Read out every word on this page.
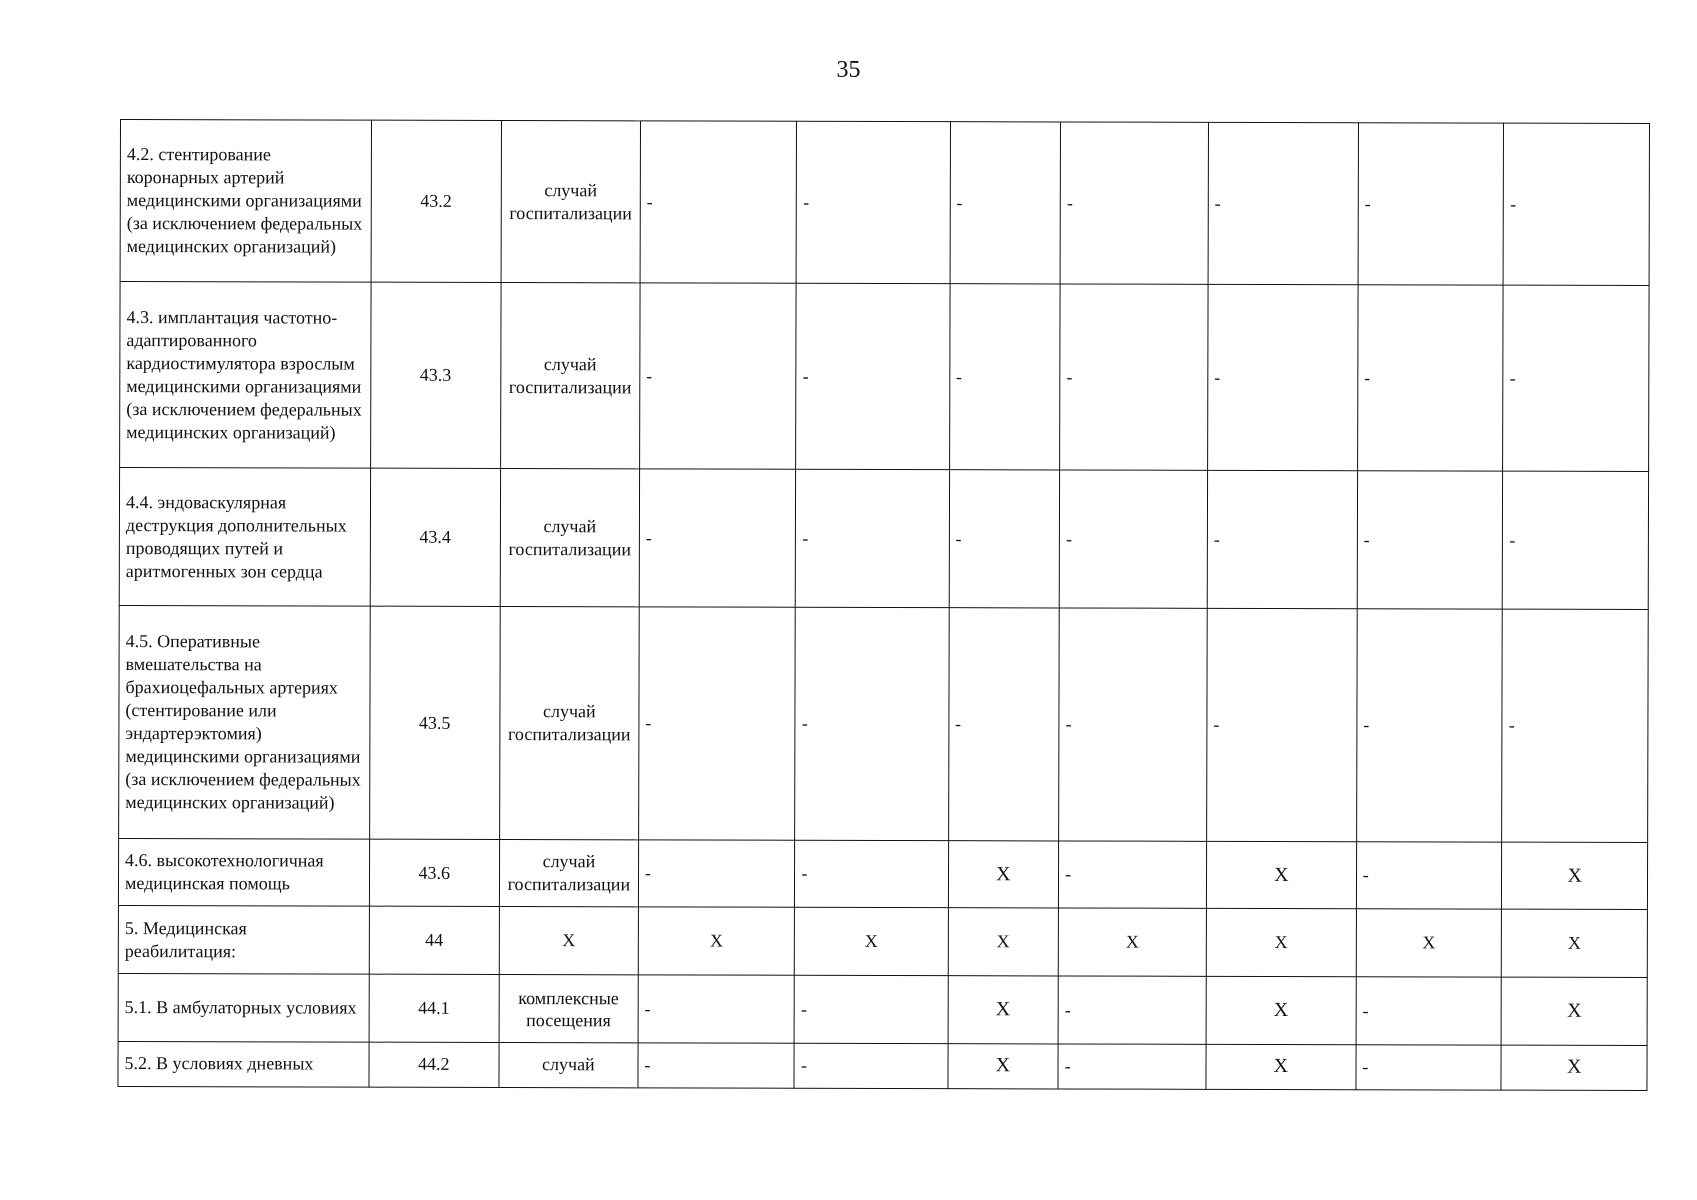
35
4.2. стентирование коронарных артерий медицинскими организациями (за исключением федеральных медицинских организаций)	43.2	случай госпитализации	-	-	-	-	-	-	-

4.3. имплантация частотно-адаптированного кардиостимулятора взрослым медицинскими организациями (за исключением федеральных медицинских организаций)	43.3	случай госпитализации	-	-	-	-	-	-	-

4.4. эндоваскулярная деструкция дополнительных проводящих путей и аритмогенных зон сердца	43.4	случай госпитализации	-	-	-	-	-	-	-

4.5. Оперативные вмешательства на брахиоцефальных артериях (стентирование или эндартерэктомия) медицинскими организациями (за исключением федеральных медицинских организаций)	43.5	случай госпитализации	-	-	-	-	-	-	-

4.6. высокотехнологичная медицинская помощь	43.6	случай госпитализации	-	-	Х	-	Х	-	Х

5. Медицинская реабилитация:	44	Х	Х	Х	Х	Х	Х	Х	Х
5.1. В амбулаторных условиях	44.1	комплексные посещения	-	-	Х	-	Х	-	Х

5.2. В условиях дневных	44.2	случай	-	-	Х	-	Х	-	Х
